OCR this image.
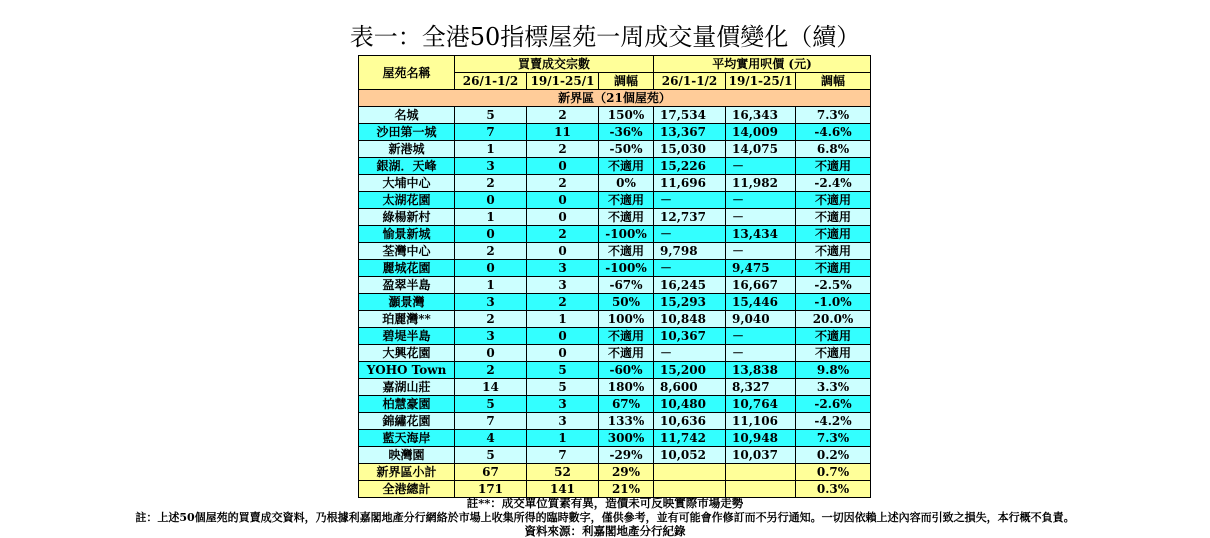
表一：全港50指標屋苑一周成交量價變化（續）
屋苑名稱	買賣成交宗數			平均實用呎價 (元)		
	26/1-1/2	19/1-25/1	調幅	26/1-1/2	19/1-25/1	調幅
新界區（21個屋苑）						
名城	5	2	150%	17,534	16,343	7.3%
沙田第一城	7	11	-36%	13,367	14,009	-4.6%
新港城	1	2	-50%	15,030	14,075	6.8%
銀湖．天峰	3	0	不適用	15,226	－	不適用
大埔中心	2	2	0%	11,696	11,982	-2.4%
太湖花園	0	0	不適用	－	－	不適用
綠楊新村	1	0	不適用	12,737	－	不適用
愉景新城	0	2	-100%	－	13,434	不適用
荃灣中心	2	0	不適用	9,798	－	不適用
麗城花園	0	3	-100%	－	9,475	不適用
盈翠半島	1	3	-67%	16,245	16,667	-2.5%
灝景灣	3	2	50%	15,293	15,446	-1.0%
珀麗灣**	2	1	100%	10,848	9,040	20.0%
碧堤半島	3	0	不適用	10,367	－	不適用
大興花園	0	0	不適用	－	－	不適用
YOHO Town	2	5	-60%	15,200	13,838	9.8%
嘉湖山莊	14	5	180%	8,600	8,327	3.3%
柏慧豪園	5	3	67%	10,480	10,764	-2.6%
錦繡花園	7	3	133%	10,636	11,106	-4.2%
藍天海岸	4	1	300%	11,742	10,948	7.3%
映灣園	5	7	-29%	10,052	10,037	0.2%
新界區小計	67	52	29%			0.7%
全港總計	171	141	21%			0.3%
註**：成交單位質素有異，造價未可反映實際市場走勢
註：上述50個屋苑的買賣成交資料，乃根據利嘉閣地產分行網絡於市場上收集所得的臨時數字，僅供參考，並有可能會作修訂而不另行通知。一切因依賴上述內容而引致之損失，本行概不負責。
資料來源：利嘉閣地產分行紀錄
